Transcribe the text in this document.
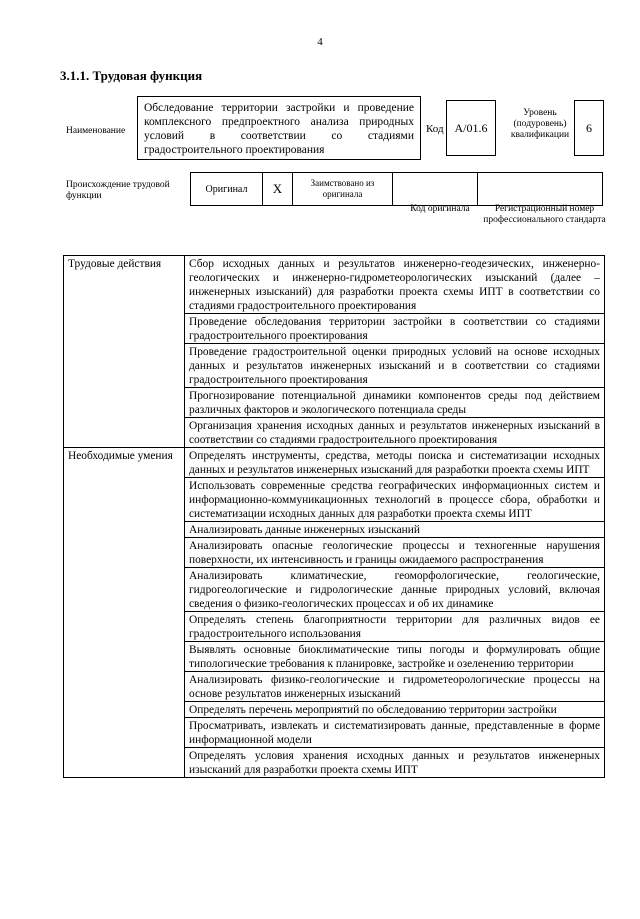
4
3.1.1. Трудовая функция
Наименование
Обследование территории застройки и проведение комплексного предпроектного анализа природных условий в соответствии со стадиями градостроительного проектирования
Код A/01.6
Уровень (подуровень) квалификации
6
Происхождение трудовой функции
Оригинал	X	Заимствовано из оригинала
Код оригинала	Регистрационный номер профессионального стандарта
Трудовые действия	Сбор исходных данных и результатов инженерно-геодезических, инженерно-геологических и инженерно-гидрометеорологических изысканий (далее – инженерных изысканий) для разработки проекта схемы ИПТ в соответствии со стадиями градостроительного проектирования
	Проведение обследования территории застройки в соответствии со стадиями градостроительного проектирования
	Проведение градостроительной оценки природных условий на основе исходных данных и результатов инженерных изысканий и в соответствии со стадиями градостроительного проектирования
	Прогнозирование потенциальной динамики компонентов среды под действием различных факторов и экологического потенциала среды
	Организация хранения исходных данных и результатов инженерных изысканий в соответствии со стадиями градостроительного проектирования
Необходимые умения	Определять инструменты, средства, методы поиска и систематизации исходных данных и результатов инженерных изысканий для разработки проекта схемы ИПТ
	Использовать современные средства географических информационных систем и информационно-коммуникационных технологий в процессе сбора, обработки и систематизации исходных данных для разработки проекта схемы ИПТ
	Анализировать данные инженерных изысканий
	Анализировать опасные геологические процессы и техногенные нарушения поверхности, их интенсивность и границы ожидаемого распространения
	Анализировать климатические, геоморфологические, геологические, гидрогеологические и гидрологические данные природных условий, включая сведения о физико-геологических процессах и об их динамике
	Определять степень благоприятности территории для различных видов ее градостроительного использования
	Выявлять основные биоклиматические типы погоды и формулировать общие типологические требования к планировке, застройке и озеленению территории
	Анализировать физико-геологические и гидрометеорологические процессы на основе результатов инженерных изысканий
	Определять перечень мероприятий по обследованию территории застройки
	Просматривать, извлекать и систематизировать данные, представленные в форме информационной модели
	Определять условия хранения исходных данных и результатов инженерных изысканий для разработки проекта схемы ИПТ
